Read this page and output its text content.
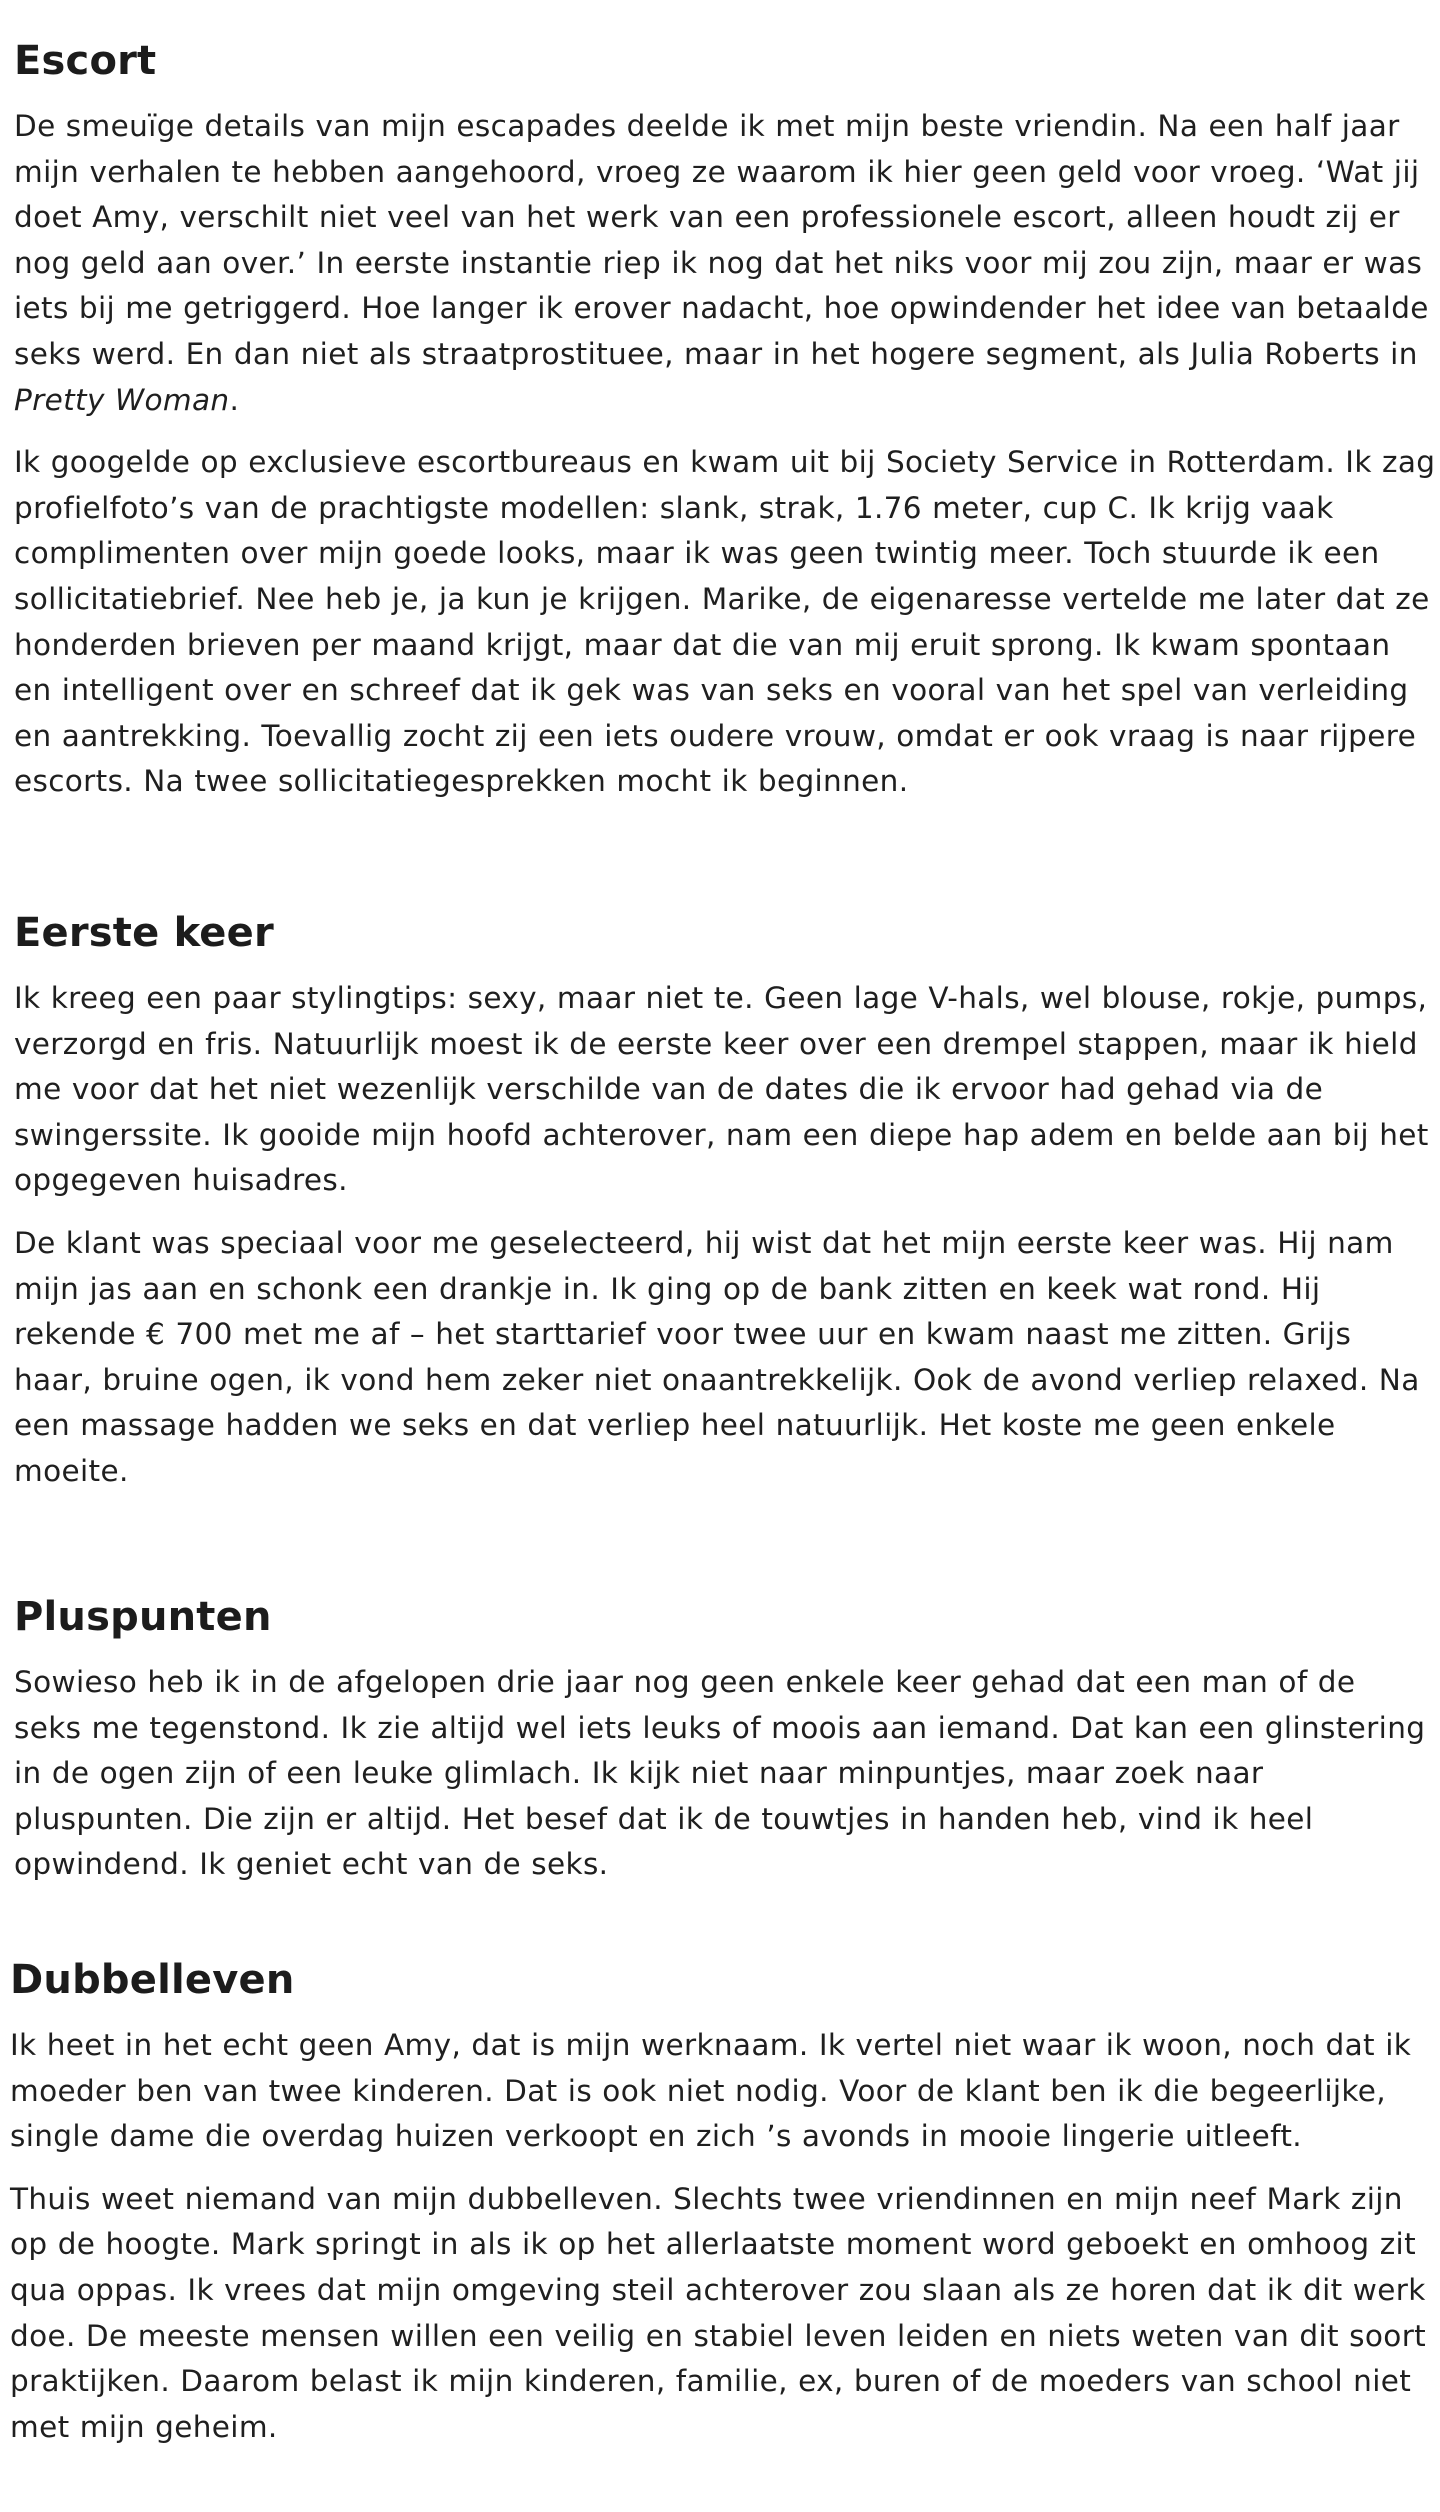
Escort

De smeuïge details van mijn escapades deelde ik met mijn beste vriendin. Na een half jaar
mijn verhalen te hebben aangehoord, vroeg ze waarom ik hier geen geld voor vroeg. ‘Wat jij
doet Amy, verschilt niet veel van het werk van een professionele escort, alleen houdt zij er
nog geld aan over.’ In eerste instantie riep ik nog dat het niks voor mij zou zijn, maar er was
iets bij me getriggerd. Hoe langer ik erover nadacht, hoe opwindender het idee van betaalde
seks werd. En dan niet als straatprostituee, maar in het hogere segment, als Julia Roberts in
Pretty Woman.

Ik googelde op exclusieve escortbureaus en kwam uit bij Society Service in Rotterdam. Ik zag
profielfoto’s van de prachtigste modellen: slank, strak, 1.76 meter, cup C. Ik krijg vaak
complimenten over mijn goede looks, maar ik was geen twintig meer. Toch stuurde ik een
sollicitatiebrief. Nee heb je, ja kun je krijgen. Marike, de eigenaresse vertelde me later dat ze
honderden brieven per maand krijgt, maar dat die van mij eruit sprong. Ik kwam spontaan
en intelligent over en schreef dat ik gek was van seks en vooral van het spel van verleiding
en aantrekking. Toevallig zocht zij een iets oudere vrouw, omdat er ook vraag is naar rijpere
escorts. Na twee sollicitatiegesprekken mocht ik beginnen.

Eerste keer

Ik kreeg een paar stylingtips: sexy, maar niet te. Geen lage V-hals, wel blouse, rokje, pumps,
verzorgd en fris. Natuurlijk moest ik de eerste keer over een drempel stappen, maar ik hield
me voor dat het niet wezenlijk verschilde van de dates die ik ervoor had gehad via de
swingerssite. Ik gooide mijn hoofd achterover, nam een diepe hap adem en belde aan bij het
opgegeven huisadres.

De klant was speciaal voor me geselecteerd, hij wist dat het mijn eerste keer was. Hij nam
mijn jas aan en schonk een drankje in. Ik ging op de bank zitten en keek wat rond. Hij
rekende € 700 met me af – het starttarief voor twee uur en kwam naast me zitten. Grijs
haar, bruine ogen, ik vond hem zeker niet onaantrekkelijk. Ook de avond verliep relaxed. Na
een massage hadden we seks en dat verliep heel natuurlijk. Het koste me geen enkele
moeite.

Pluspunten

Sowieso heb ik in de afgelopen drie jaar nog geen enkele keer gehad dat een man of de
seks me tegenstond. Ik zie altijd wel iets leuks of moois aan iemand. Dat kan een glinstering
in de ogen zijn of een leuke glimlach. Ik kijk niet naar minpuntjes, maar zoek naar
pluspunten. Die zijn er altijd. Het besef dat ik de touwtjes in handen heb, vind ik heel
opwindend. Ik geniet echt van de seks.

Dubbelleven

Ik heet in het echt geen Amy, dat is mijn werknaam. Ik vertel niet waar ik woon, noch dat ik
moeder ben van twee kinderen. Dat is ook niet nodig. Voor de klant ben ik die begeerlijke,
single dame die overdag huizen verkoopt en zich ’s avonds in mooie lingerie uitleeft.

Thuis weet niemand van mijn dubbelleven. Slechts twee vriendinnen en mijn neef Mark zijn
op de hoogte. Mark springt in als ik op het allerlaatste moment word geboekt en omhoog zit
qua oppas. Ik vrees dat mijn omgeving steil achterover zou slaan als ze horen dat ik dit werk
doe. De meeste mensen willen een veilig en stabiel leven leiden en niets weten van dit soort
praktijken. Daarom belast ik mijn kinderen, familie, ex, buren of de moeders van school niet
met mijn geheim.
